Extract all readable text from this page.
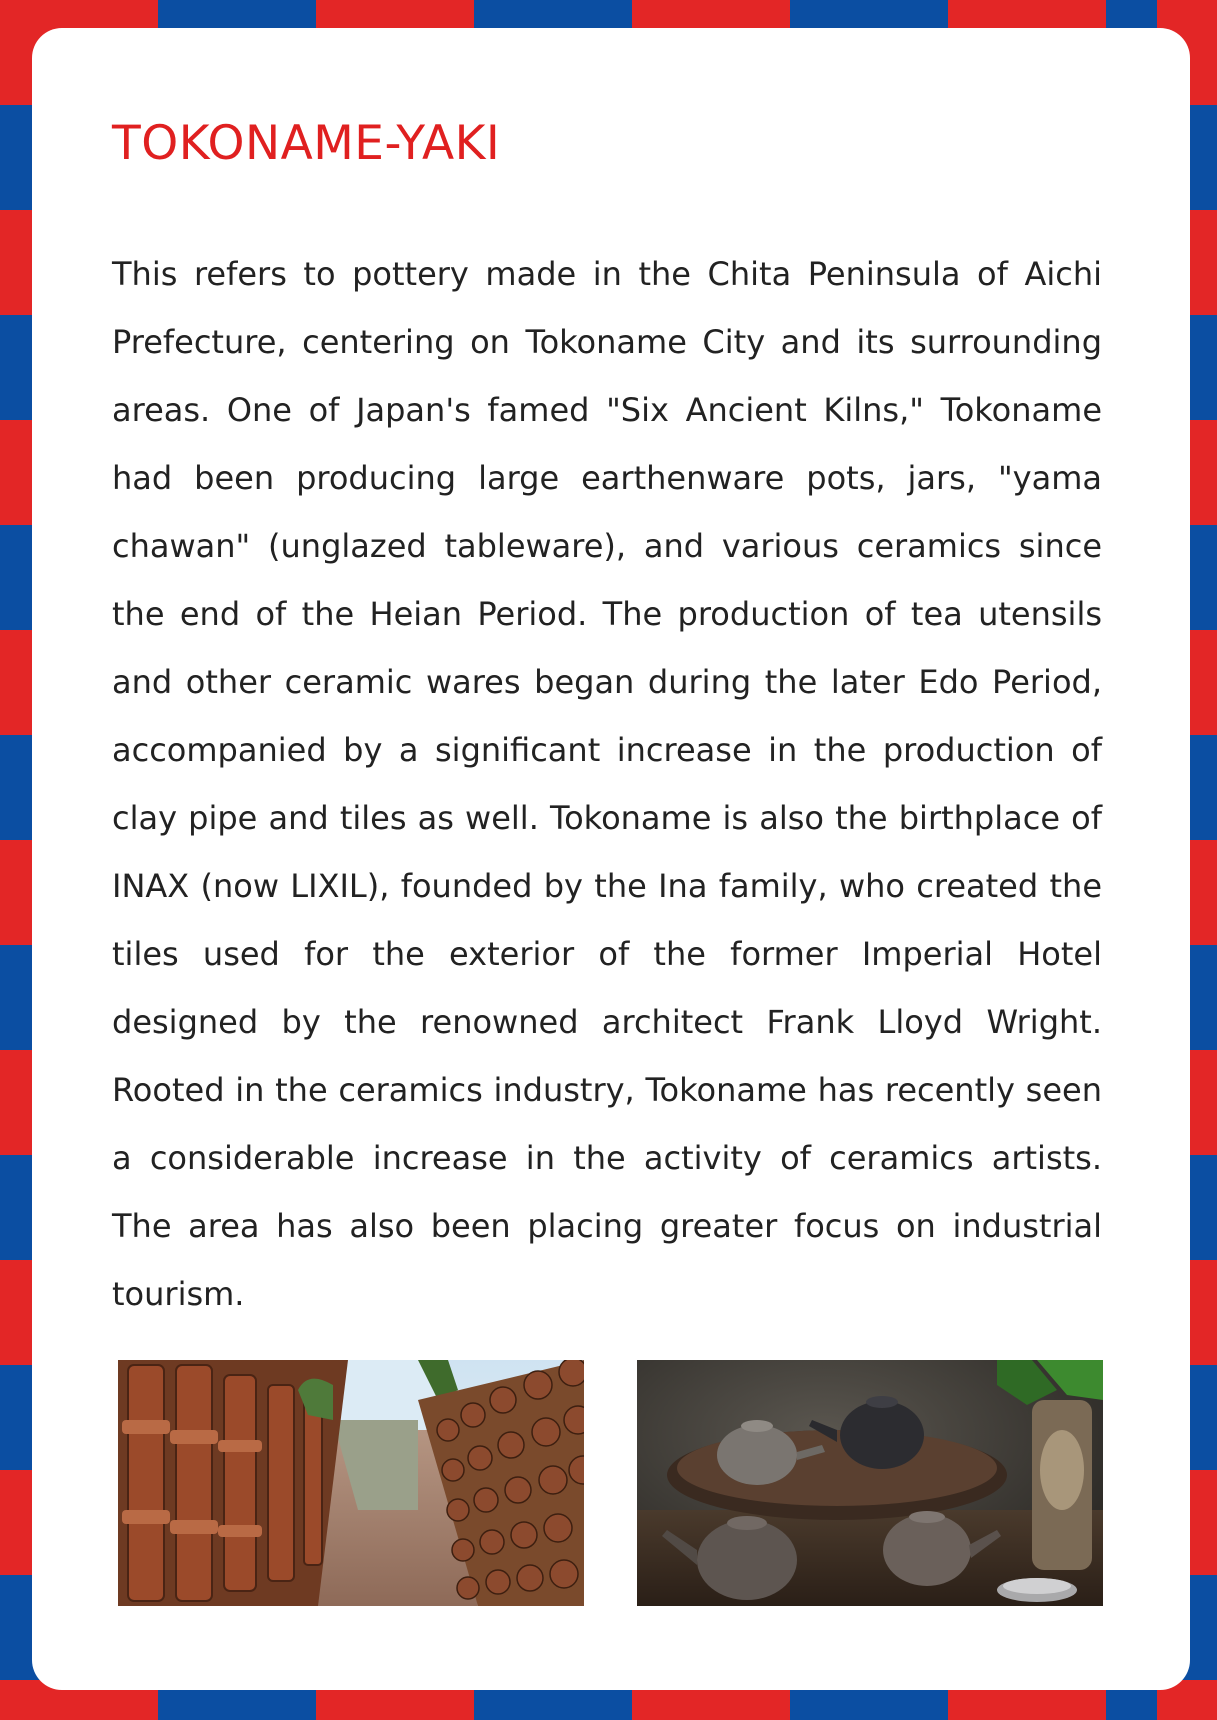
TOKONAME-YAKI

This refers to pottery made in the Chita Peninsula of Aichi Prefecture, centering on Tokoname City and its surrounding areas. One of Japan's famed "Six Ancient Kilns," Tokoname had been producing large earthenware pots, jars, "yama chawan" (unglazed tableware), and various ceramics since the end of the Heian Period. The production of tea utensils and other ceramic wares began during the later Edo Period, accompanied by a significant increase in the production of clay pipe and tiles as well. Tokoname is also the birthplace of INAX (now LIXIL), founded by the Ina family, who created the tiles used for the exterior of the former Imperial Hotel designed by the renowned architect Frank Lloyd Wright. Rooted in the ceramics industry, Tokoname has recently seen a considerable increase in the activity of ceramics artists. The area has also been placing greater focus on industrial tourism.
